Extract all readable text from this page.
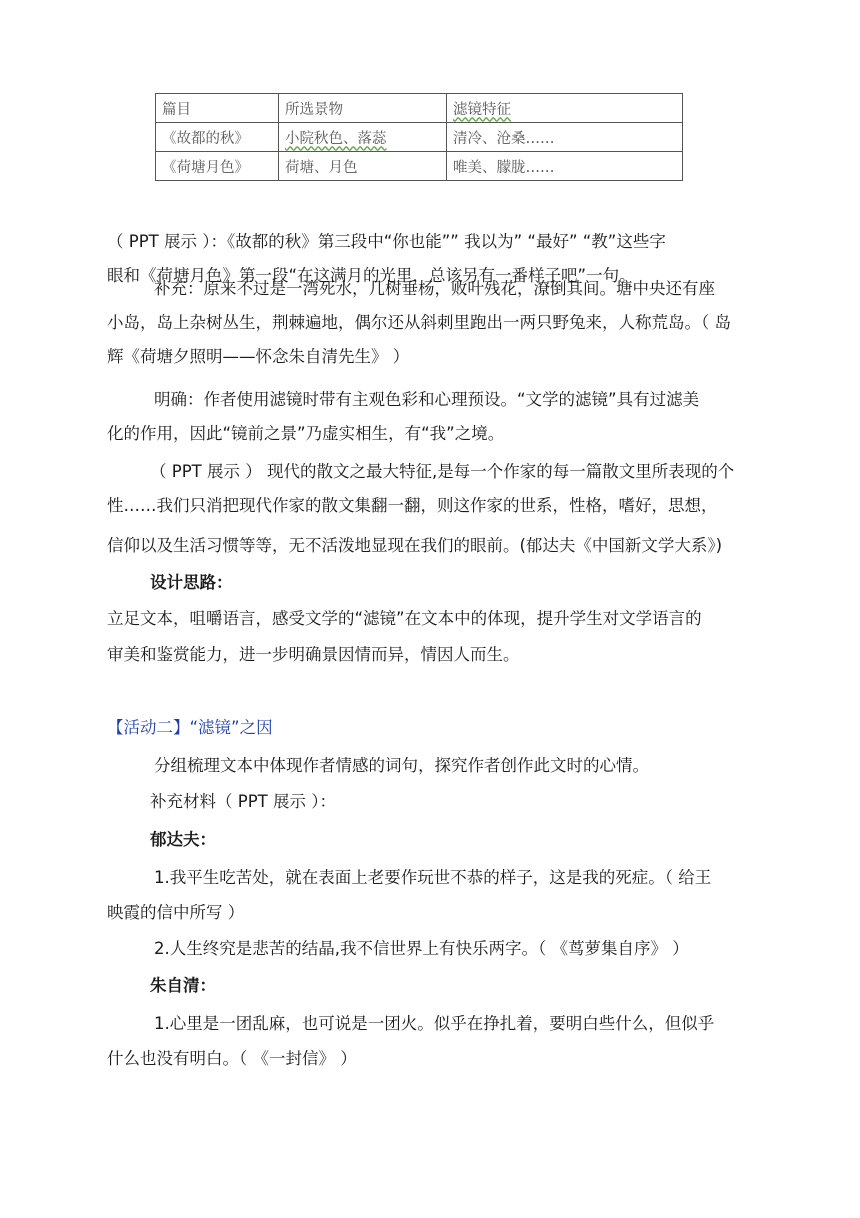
篇目	所选景物	滤镜特征
《故都的秋》	小院秋色、落蕊	清冷、沧桑……
《荷塘月色》	荷塘、月色	唯美、朦胧……
（ PPT 展示 ）：《故都的秋》第三段中“你也能”” 我以为” “最好” “教”这些字
眼和《荷塘月色》第一段“在这满月的光里，总该另有一番样子吧”一句。
补充：原来不过是一湾死水，几树垂杨，败叶残花，潦倒其间。塘中央还有座
小岛，岛上杂树丛生，荆棘遍地，偶尔还从斜刺里跑出一两只野兔来，人称荒岛。（ 岛
辉《荷塘夕照明——怀念朱自清先生》 ）
明确：作者使用滤镜时带有主观色彩和心理预设。“文学的滤镜”具有过滤美
化的作用，因此“镜前之景”乃虚实相生，有“我”之境。
（ PPT 展示 ） 现代的散文之最大特征,是每一个作家的每一篇散文里所表现的个
性……我们只消把现代作家的散文集翻一翻，则这作家的世系，性格，嗜好，思想，
信仰以及生活习惯等等，无不活泼地显现在我们的眼前。(郁达夫《中国新文学大系》)
设计思路：
立足文本，咀嚼语言，感受文学的“滤镜”在文本中的体现，提升学生对文学语言的
审美和鉴赏能力，进一步明确景因情而异，情因人而生。
【活动二】“滤镜”之因
分组梳理文本中体现作者情感的词句，探究作者创作此文时的心情。
补充材料（ PPT 展示 ）：
郁达夫：
1.我平生吃苦处，就在表面上老要作玩世不恭的样子，这是我的死症。（ 给王
映霞的信中所写 ）
2.人生终究是悲苦的结晶,我不信世界上有快乐两字。（ 《茑萝集自序》 ）
朱自清：
1.心里是一团乱麻，也可说是一团火。似乎在挣扎着，要明白些什么，但似乎
什么也没有明白。（ 《一封信》 ）
